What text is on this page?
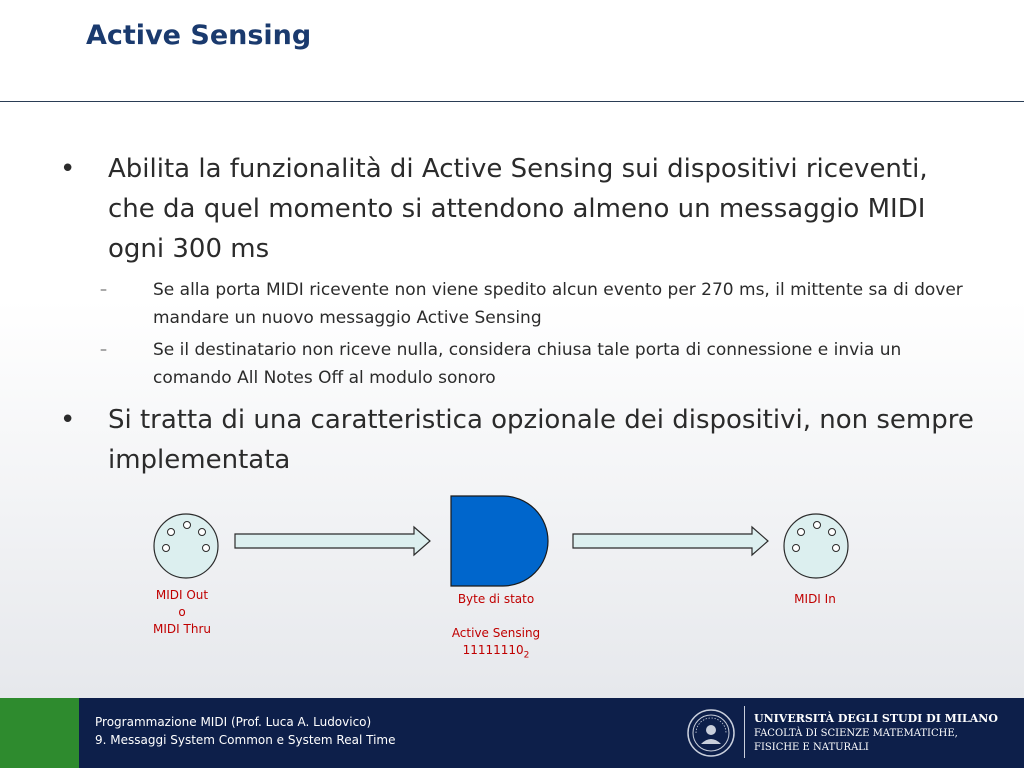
Active Sensing
• Abilita la funzionalità di Active Sensing sui dispositivi riceventi, che da quel momento si attendono almeno un messaggio MIDI ogni 300 ms
–	Se alla porta MIDI ricevente non viene spedito alcun evento per 270 ms, il mittente sa di dover mandare un nuovo messaggio Active Sensing
–	Se il destinatario non riceve nulla, considera chiusa tale porta di connessione e invia un comando All Notes Off al modulo sonoro
• Si tratta di una caratteristica opzionale dei dispositivi, non sempre implementata
MIDI Out
o
MIDI Thru
Byte di stato
Active Sensing
$11111110_2$
MIDI In
Programmazione MIDI (Prof. Luca A. Ludovico)
9. Messaggi System Common e System Real Time
UNIVERSITÀ DEGLI STUDI DI MILANO
FACOLTÀ DI SCIENZE MATEMATICHE,
FISICHE E NATURALI
